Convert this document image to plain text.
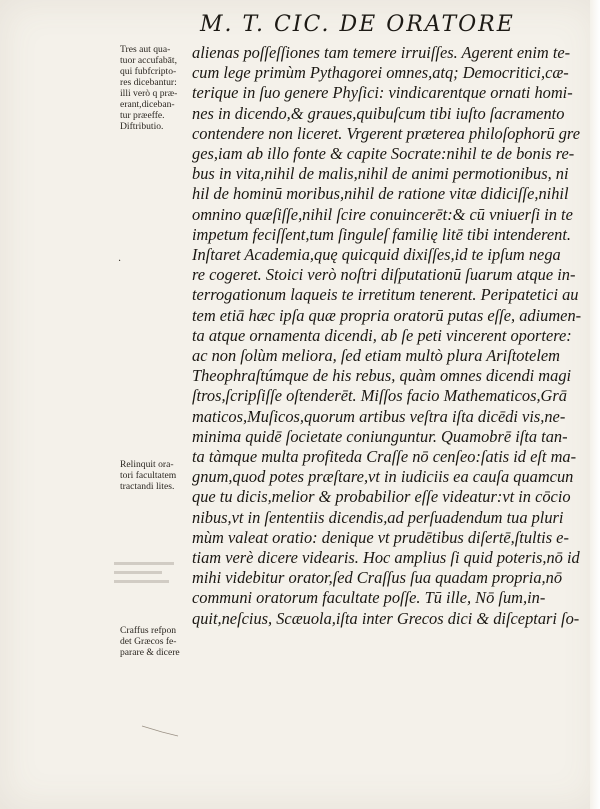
M. T. CIC. DE ORATORE
Tres aut qua-
tuor accufabāt,
qui fubfcripto-
res dicebantur:
illi verò q præ-
erant,diceban-
tur præeffe.
Diftributio.
·
Relinquit ora-
tori facultatem
tractandi lites.
Craffus refpon
det Græcos fe-
parare & dicere
alienas poſſeſſiones tam temere irruiſſes. Agerent enim te-
cum lege primùm Pythagorei omnes,atq; Democritici,cæ-
terique in ſuo genere Phyſici: vindicarentque ornati homi-
nes in dicendo,& graues,quibuſcum tibi iuſto ſacramento
contendere non liceret. Vrgerent præterea philoſophorū gre
ges,iam ab illo fonte & capite Socrate:nihil te de bonis re-
bus in vita,nihil de malis,nihil de animi permotionibus, ni
hil de hominū moribus,nihil de ratione vitæ didiciſſe,nihil
omnino quæſiſſe,nihil ſcire conuincerēt:& cū vniuerſi in te
impetum feciſſent,tum ſinguleſ familię litē tibi intenderent.
Inſtaret Academia,quę quicquid dixiſſes,id te ipſum nega
re cogeret. Stoici verò noſtri diſputationū ſuarum atque in-
terrogationum laqueis te irretitum tenerent. Peripatetici au
tem etiā hæc ipſa quæ propria oratorū putas eſſe, adiumen-
ta atque ornamenta dicendi, ab ſe peti vincerent oportere:
ac non ſolùm meliora, ſed etiam multò plura Ariſtotelem
Theophraſtúmque de his rebus, quàm omnes dicendi magi
ſtros,ſcripſiſſe oſtenderēt. Miſſos facio Mathematicos,Grā
maticos,Muſicos,quorum artibus veſtra iſta dicēdi vis,ne-
minima quidē ſocietate coniunguntur. Quamobrē iſta tan-
ta tàmque multa profiteda Craſſe nō cenſeo:ſatis id eſt ma-
gnum,quod potes præſtare,vt in iudiciis ea cauſa quamcun
que tu dicis,melior & probabilior eſſe videatur:vt in cōcio
nibus,vt in ſententiis dicendis,ad perſuadendum tua pluri
mùm valeat oratio: denique vt prudētibus diſertē,ſtultis e-
tiam verè dicere videaris. Hoc amplius ſi quid poteris,nō id
mihi videbitur orator,ſed Craſſus ſua quadam propria,nō
communi oratorum facultate poſſe. Tū ille, Nō ſum,in-
quit,neſcius, Scæuola,iſta inter Grecos dici & diſceptari ſo-
